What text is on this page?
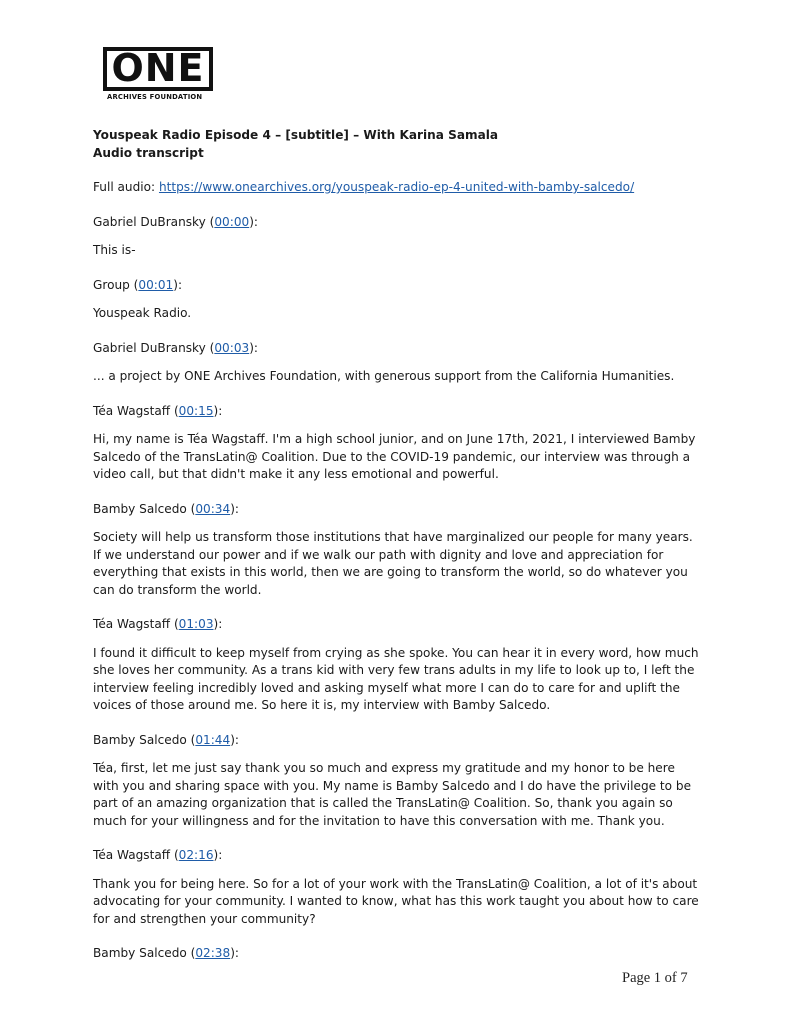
ONE
ARCHIVES FOUNDATION

Youspeak Radio Episode 4 – [subtitle] – With Karina Samala

Audio transcript

Full audio: https://www.onearchives.org/youspeak-radio-ep-4-united-with-bamby-salcedo/

Gabriel DuBransky (00:00):

This is-

Group (00:01):

Youspeak Radio.

Gabriel DuBransky (00:03):

... a project by ONE Archives Foundation, with generous support from the California Humanities.

Téa Wagstaff (00:15):

Hi, my name is Téa Wagstaff. I'm a high school junior, and on June 17th, 2021, I interviewed Bamby Salcedo of the TransLatin@ Coalition. Due to the COVID-19 pandemic, our interview was through a video call, but that didn't make it any less emotional and powerful.

Bamby Salcedo (00:34):

Society will help us transform those institutions that have marginalized our people for many years. If we understand our power and if we walk our path with dignity and love and appreciation for everything that exists in this world, then we are going to transform the world, so do whatever you can do transform the world.

Téa Wagstaff (01:03):

I found it difficult to keep myself from crying as she spoke. You can hear it in every word, how much she loves her community. As a trans kid with very few trans adults in my life to look up to, I left the interview feeling incredibly loved and asking myself what more I can do to care for and uplift the voices of those around me. So here it is, my interview with Bamby Salcedo.

Bamby Salcedo (01:44):

Téa, first, let me just say thank you so much and express my gratitude and my honor to be here with you and sharing space with you. My name is Bamby Salcedo and I do have the privilege to be part of an amazing organization that is called the TransLatin@ Coalition. So, thank you again so much for your willingness and for the invitation to have this conversation with me. Thank you.

Téa Wagstaff (02:16):

Thank you for being here. So for a lot of your work with the TransLatin@ Coalition, a lot of it's about advocating for your community. I wanted to know, what has this work taught you about how to care for and strengthen your community?

Bamby Salcedo (02:38):

Page 1 of 7
